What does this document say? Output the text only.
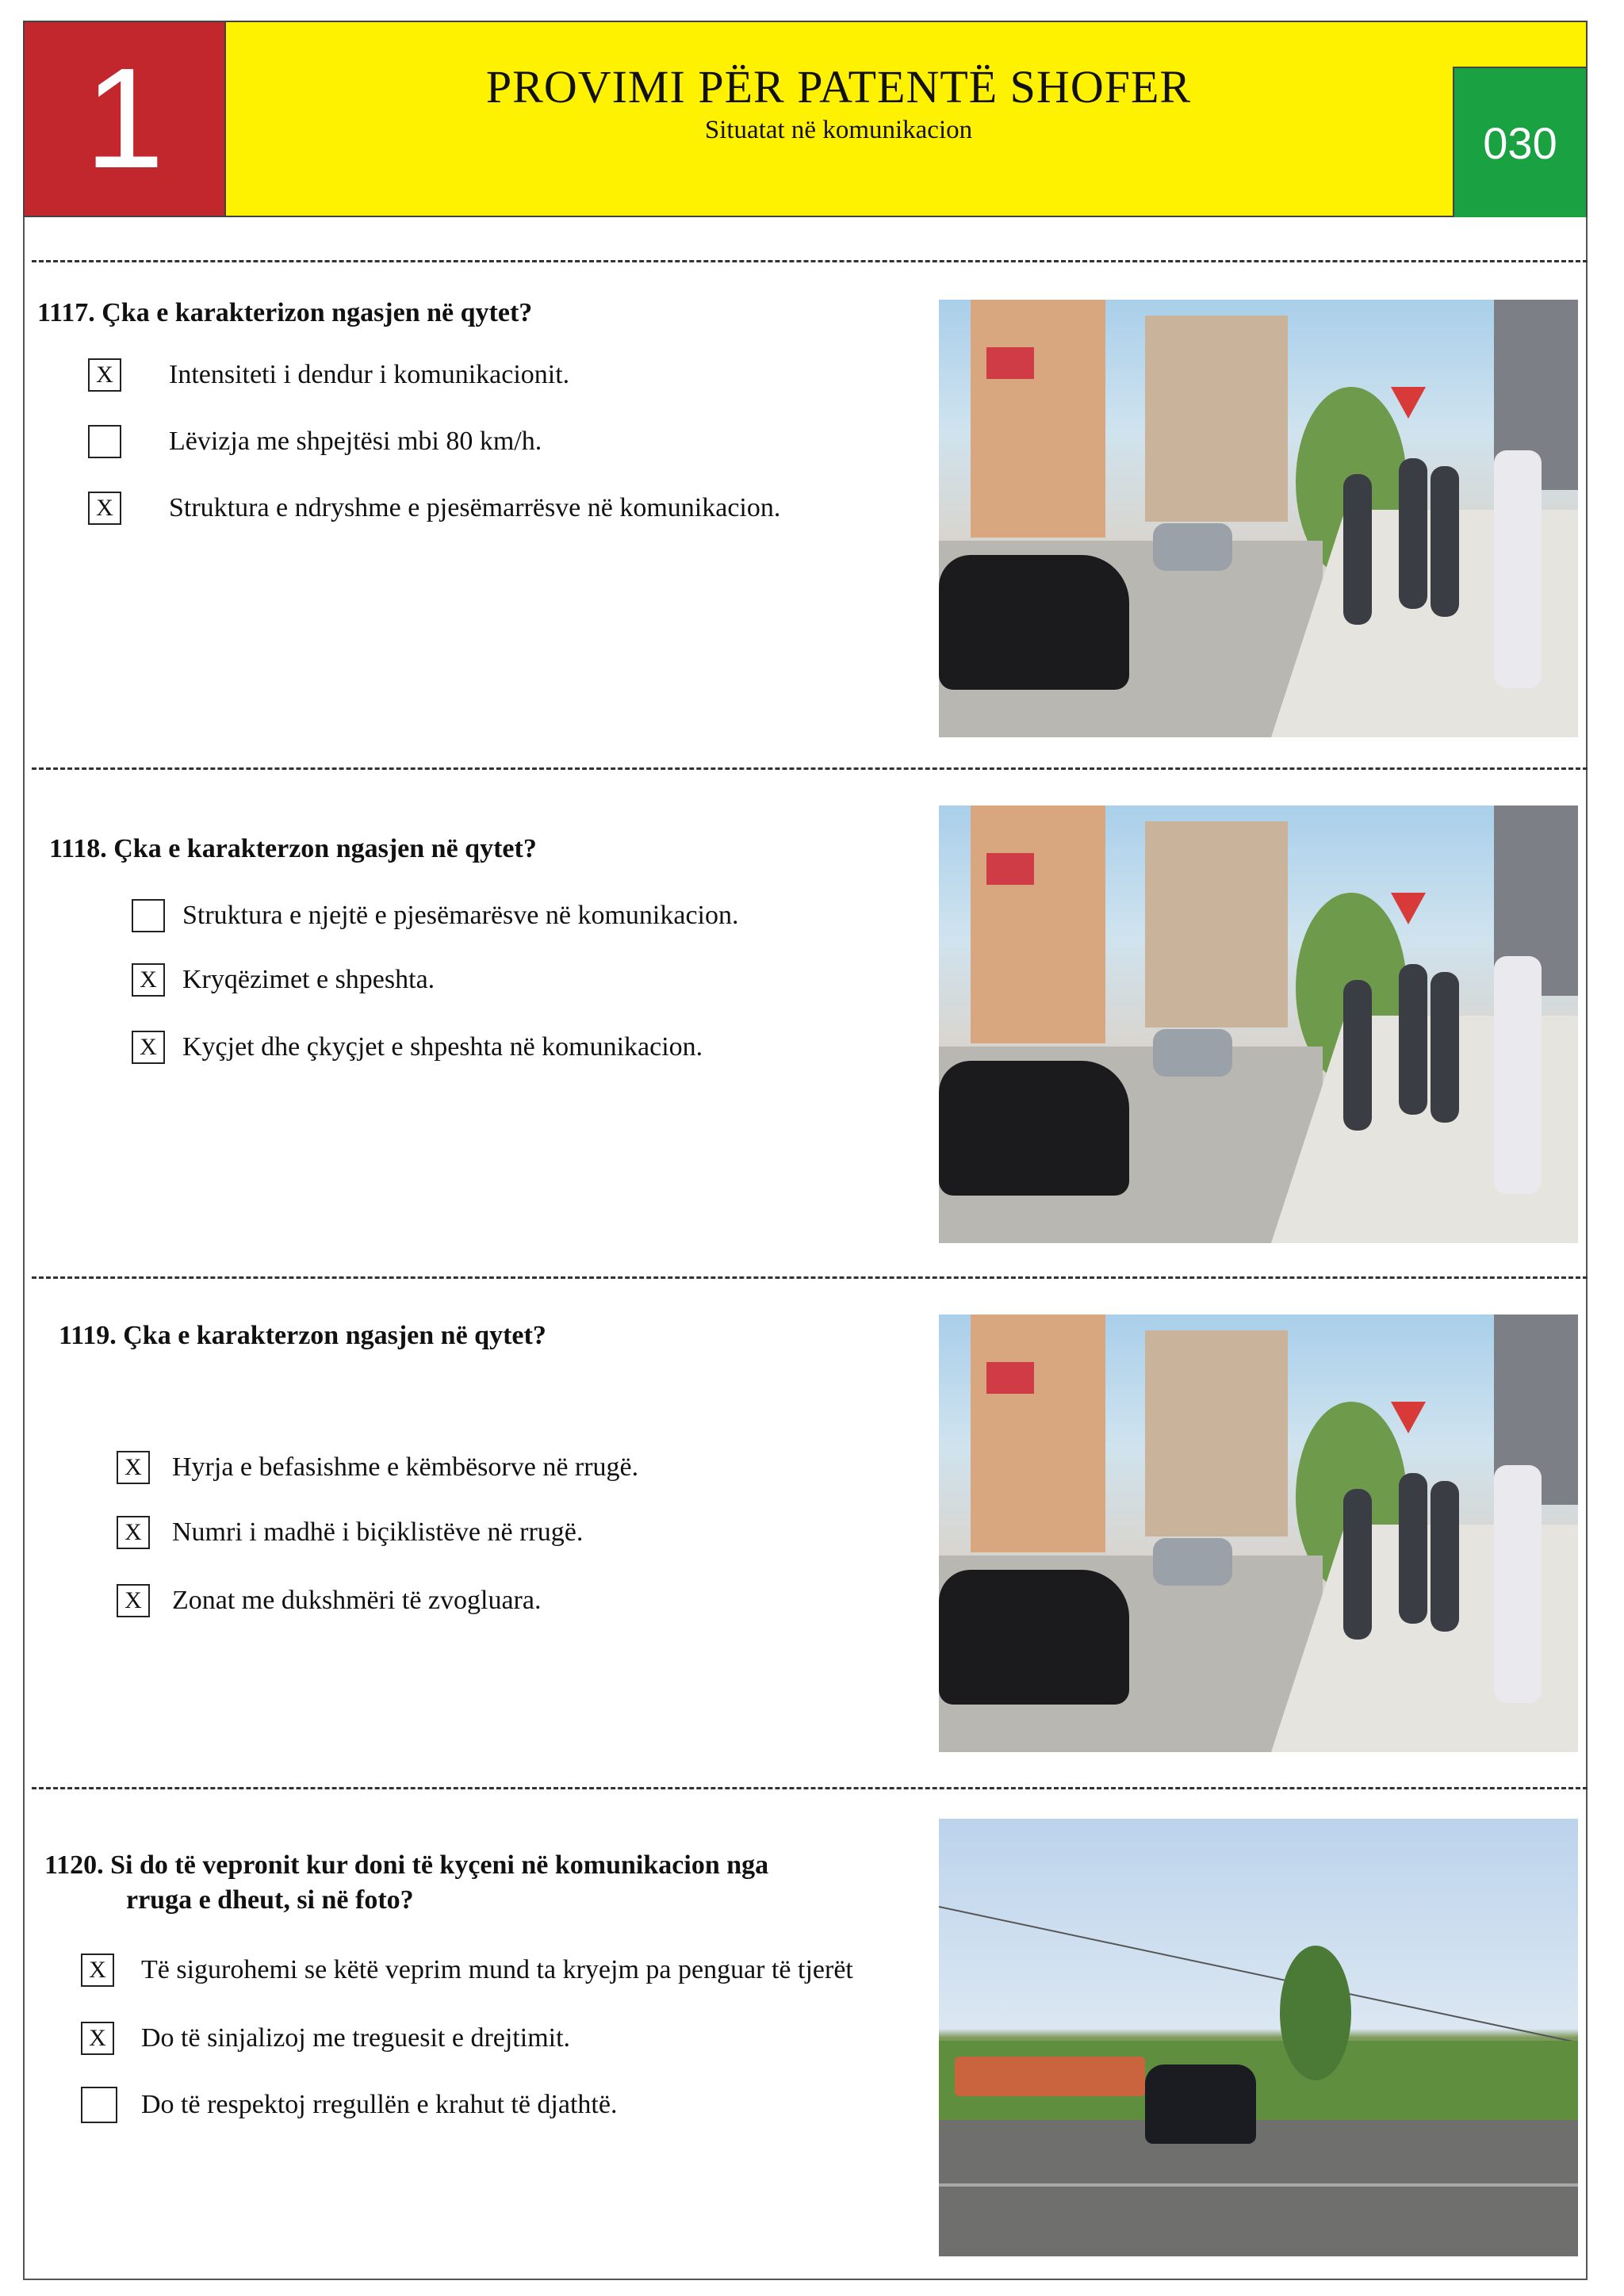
1	PROVIMI PËR PATENTË SHOFER
Situatat në komunikacion	030
1117. Çka e karakterizon ngasjen në qytet?
X Intensiteti i dendur i komunikacionit.
Lëvizja me shpejtësi mbi 80 km/h.
X Struktura e ndryshme e pjesëmarrësve në komunikacion.
1118. Çka e karakterzon ngasjen në qytet?
Struktura e njejtë e pjesëmarësve në komunikacion.
X Kryqëzimet e shpeshta.
X Kyçjet dhe çkyçjet e shpeshta në komunikacion.
1119. Çka e karakterzon ngasjen në qytet?
X Hyrja e befasishme e këmbësorve në rrugë.
X Numri i madhë i biçiklistëve në rrugë.
X Zonat me dukshmëri të zvogluara.
1120. Si do të vepronit kur doni të kyçeni në komunikacion nga
rruga e dheut, si në foto?
X Të sigurohemi se këtë veprim mund ta kryejm pa penguar të tjerët
X Do të sinjalizoj me treguesit e drejtimit.
Do të respektoj rregullën e krahut të djathtë.
